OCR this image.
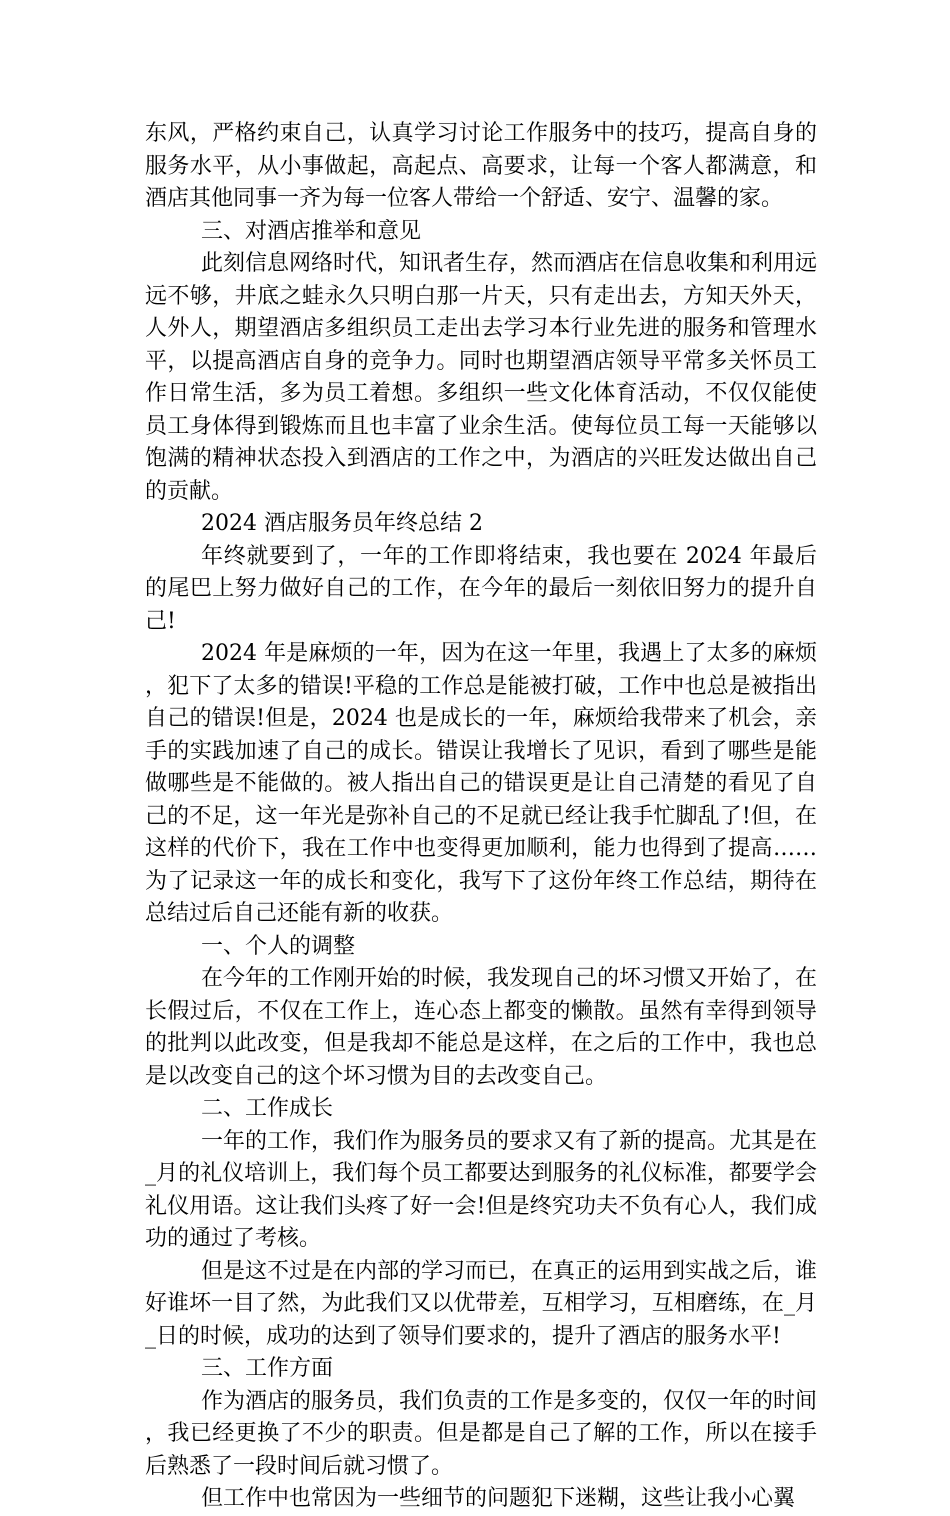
东风，严格约束自己，认真学习讨论工作服务中的技巧，提高自身的服务水平，从小事做起，高起点、高要求，让每一个客人都满意，和酒店其他同事一齐为每一位客人带给一个舒适、安宁、温馨的家。

三、对酒店推举和意见

此刻信息网络时代，知讯者生存，然而酒店在信息收集和利用远远不够，井底之蛙永久只明白那一片天，只有走出去，方知天外天，人外人，期望酒店多组织员工走出去学习本行业先进的服务和管理水平，以提高酒店自身的竞争力。同时也期望酒店领导平常多关怀员工作日常生活，多为员工着想。多组织一些文化体育活动，不仅仅能使员工身体得到锻炼而且也丰富了业余生活。使每位员工每一天能够以饱满的精神状态投入到酒店的工作之中，为酒店的兴旺发达做出自己的贡献。

2024 酒店服务员年终总结 2

年终就要到了，一年的工作即将结束，我也要在 2024 年最后的尾巴上努力做好自己的工作，在今年的最后一刻依旧努力的提升自己!

2024 年是麻烦的一年，因为在这一年里，我遇上了太多的麻烦，犯下了太多的错误!平稳的工作总是能被打破，工作中也总是被指出自己的错误!但是，2024 也是成长的一年，麻烦给我带来了机会，亲手的实践加速了自己的成长。错误让我增长了见识，看到了哪些是能做哪些是不能做的。被人指出自己的错误更是让自己清楚的看见了自己的不足，这一年光是弥补自己的不足就已经让我手忙脚乱了!但，在这样的代价下，我在工作中也变得更加顺利，能力也得到了提高……为了记录这一年的成长和变化，我写下了这份年终工作总结，期待在总结过后自己还能有新的收获。

一、个人的调整

在今年的工作刚开始的时候，我发现自己的坏习惯又开始了，在长假过后，不仅在工作上，连心态上都变的懒散。虽然有幸得到领导的批判以此改变，但是我却不能总是这样，在之后的工作中，我也总是以改变自己的这个坏习惯为目的去改变自己。

二、工作成长

一年的工作，我们作为服务员的要求又有了新的提高。尤其是在_月的礼仪培训上，我们每个员工都要达到服务的礼仪标准，都要学会礼仪用语。这让我们头疼了好一会!但是终究功夫不负有心人，我们成功的通过了考核。

但是这不过是在内部的学习而已，在真正的运用到实战之后，谁好谁坏一目了然，为此我们又以优带差，互相学习，互相磨练，在_月_日的时候，成功的达到了领导们要求的，提升了酒店的服务水平!

三、工作方面

作为酒店的服务员，我们负责的工作是多变的，仅仅一年的时间，我已经更换了不少的职责。但是都是自己了解的工作，所以在接手后熟悉了一段时间后就习惯了。

但工作中也常因为一些细节的问题犯下迷糊，这些让我小心翼
